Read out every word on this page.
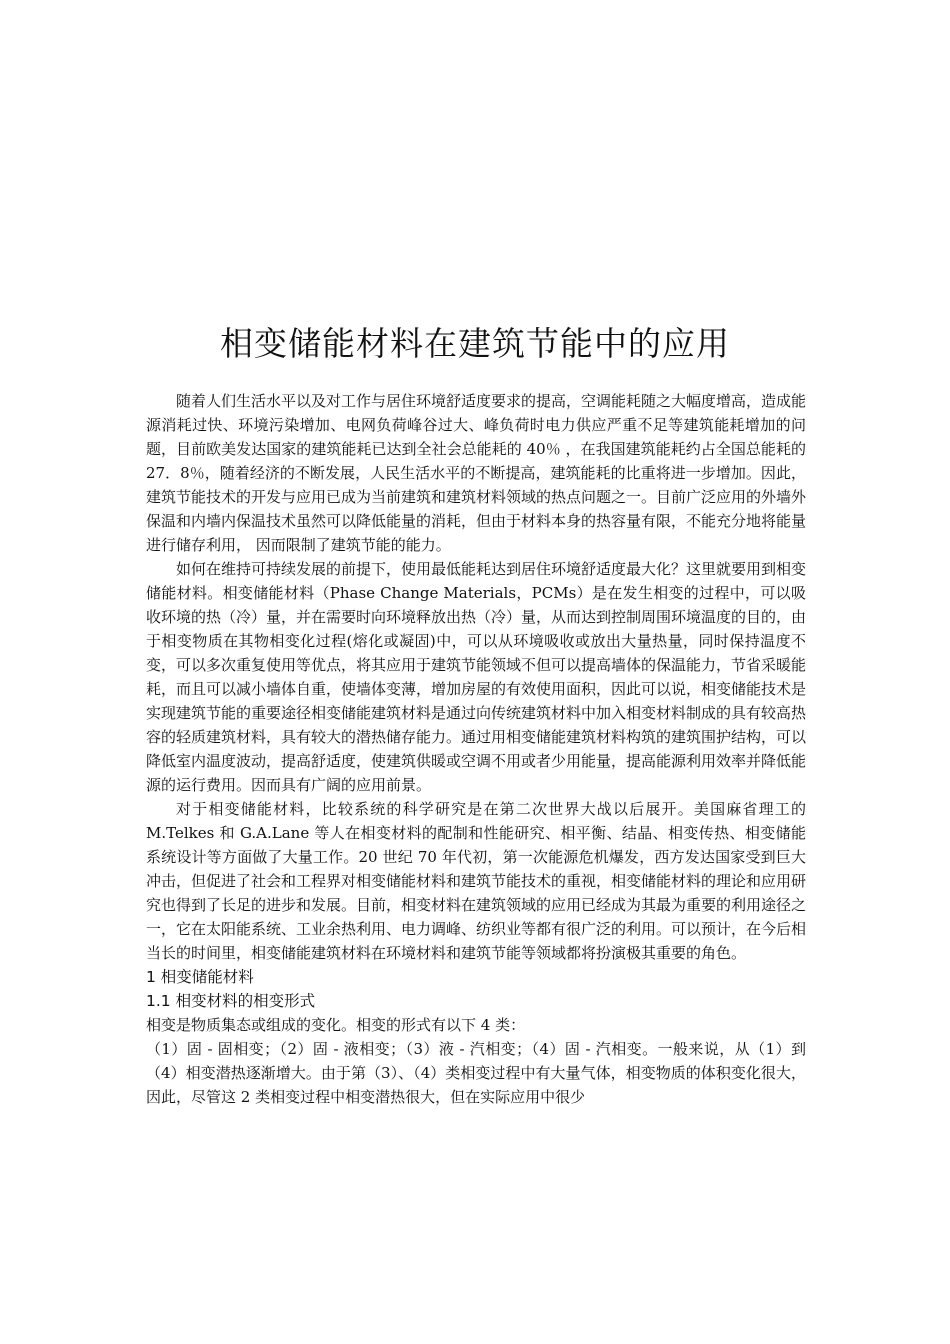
相变储能材料在建筑节能中的应用

随着人们生活水平以及对工作与居住环境舒适度要求的提高，空调能耗随之大幅度增高，造成能源消耗过快、环境污染增加、电网负荷峰谷过大、峰负荷时电力供应严重不足等建筑能耗增加的问题，目前欧美发达国家的建筑能耗已达到全社会总能耗的 40％ ，在我国建筑能耗约占全国总能耗的 27．8％，随着经济的不断发展，人民生活水平的不断提高，建筑能耗的比重将进一步增加。因此，建筑节能技术的开发与应用已成为当前建筑和建筑材料领域的热点问题之一。目前广泛应用的外墙外保温和内墙内保温技术虽然可以降低能量的消耗，但由于材料本身的热容量有限，不能充分地将能量进行储存利用， 因而限制了建筑节能的能力。

如何在维持可持续发展的前提下，使用最低能耗达到居住环境舒适度最大化？这里就要用到相变储能材料。相变储能材料（Phase Change Materials，PCMs）是在发生相变的过程中，可以吸收环境的热（冷）量，并在需要时向环境释放出热（冷）量，从而达到控制周围环境温度的目的，由于相变物质在其物相变化过程(熔化或凝固)中，可以从环境吸收或放出大量热量，同时保持温度不变，可以多次重复使用等优点，将其应用于建筑节能领域不但可以提高墙体的保温能力，节省采暖能耗，而且可以减小墙体自重，使墙体变薄，增加房屋的有效使用面积，因此可以说，相变储能技术是实现建筑节能的重要途径相变储能建筑材料是通过向传统建筑材料中加入相变材料制成的具有较高热容的轻质建筑材料，具有较大的潜热储存能力。通过用相变储能建筑材料构筑的建筑围护结构，可以降低室内温度波动，提高舒适度，使建筑供暖或空调不用或者少用能量，提高能源利用效率并降低能源的运行费用。因而具有广阔的应用前景。

对于相变储能材料，比较系统的科学研究是在第二次世界大战以后展开。美国麻省理工的 M.Telkes 和 G.A.Lane 等人在相变材料的配制和性能研究、相平衡、结晶、相变传热、相变储能系统设计等方面做了大量工作。20 世纪 70 年代初，第一次能源危机爆发，西方发达国家受到巨大冲击，但促进了社会和工程界对相变储能材料和建筑节能技术的重视，相变储能材料的理论和应用研究也得到了长足的进步和发展。目前，相变材料在建筑领域的应用已经成为其最为重要的利用途径之一，它在太阳能系统、工业余热利用、电力调峰、纺织业等都有很广泛的利用。可以预计，在今后相当长的时间里，相变储能建筑材料在环境材料和建筑节能等领域都将扮演极其重要的角色。

1 相变储能材料

1.1 相变材料的相变形式

相变是物质集态或组成的变化。相变的形式有以下 4 类：

（1）固 - 固相变；（2）固 - 液相变；（3）液 - 汽相变；（4）固 - 汽相变。一般来说，从（1）到（4）相变潜热逐渐增大。由于第（3）、（4）类相变过程中有大量气体，相变物质的体积变化很大，因此，尽管这 2 类相变过程中相变潜热很大，但在实际应用中很少
